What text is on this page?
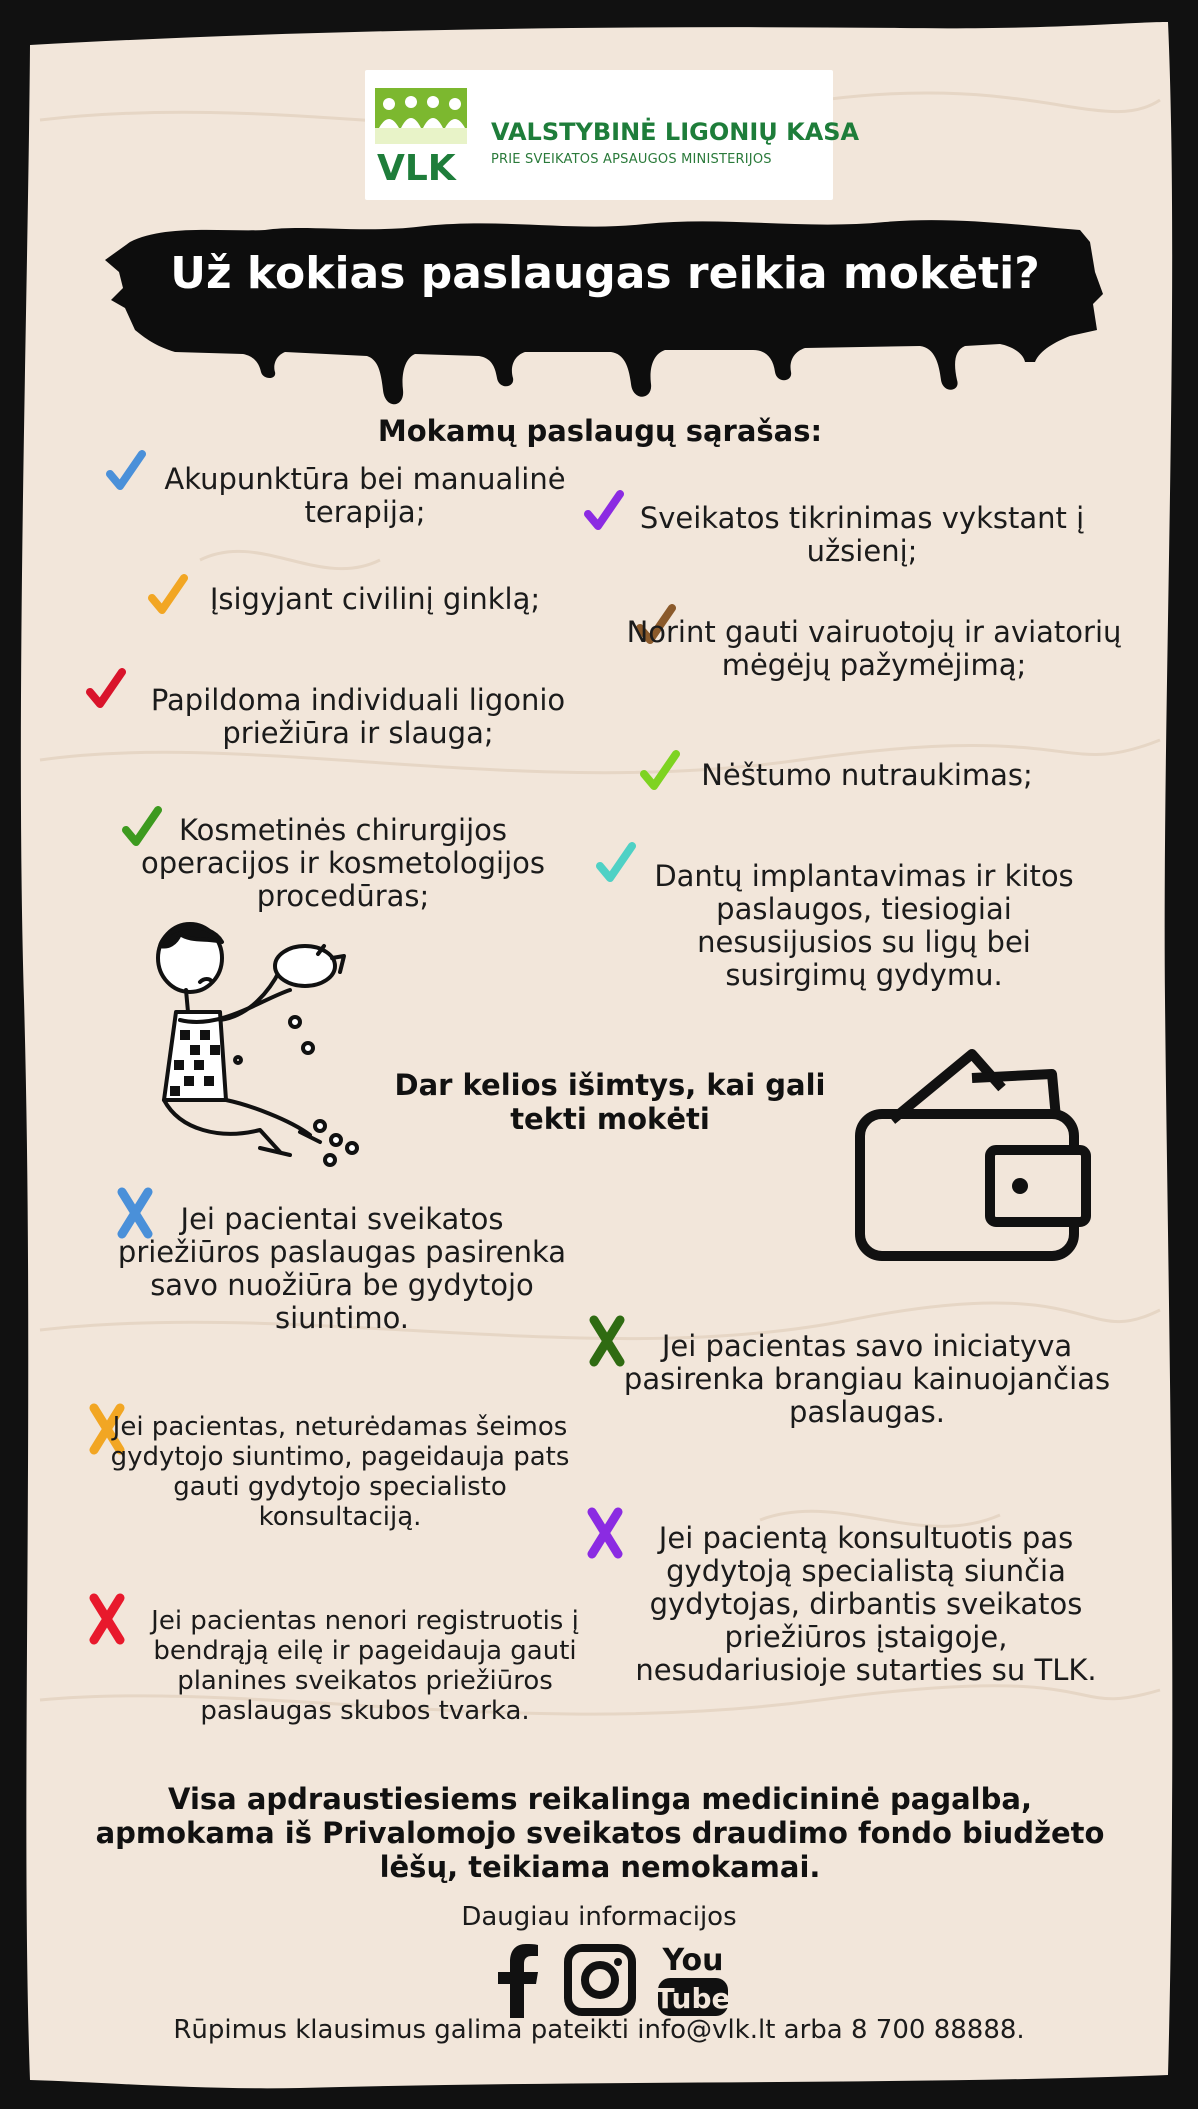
VLK
VALSTYBINĖ LIGONIŲ KASA
PRIE SVEIKATOS APSAUGOS MINISTERIJOS
Už kokias paslaugas reikia mokėti?
Mokamų paslaugų sąrašas:
Akupunktūra bei manualinė terapija;	Sveikatos tikrinimas vykstant į užsienį;
Įsigyjant civilinį ginklą;
Norint gauti vairuotojų ir aviatorių mėgėjų pažymėjimą;
Papildoma individuali ligonio priežiūra ir slauga;
Nėštumo nutraukimas;
Kosmetinės chirurgijos operacijos ir kosmetologijos procedūras;
Dantų implantavimas ir kitos paslaugos, tiesiogiai nesusijusios su ligų bei susirgimų gydymu.
Dar kelios išimtys, kai gali tekti mokėti
Jei pacientai sveikatos priežiūros paslaugas pasirenka savo nuožiūra be gydytojo siuntimo.
Jei pacientas savo iniciatyva pasirenka brangiau kainuojančias paslaugas.
Jei pacientas, neturėdamas šeimos gydytojo siuntimo, pageidauja pats gauti gydytojo specialisto konsultaciją.
Jei pacientą konsultuotis pas gydytoją specialistą siunčia gydytojas, dirbantis sveikatos priežiūros įstaigoje, nesudariusioje sutarties su TLK.
Jei pacientas nenori registruotis į bendrąją eilę ir pageidauja gauti planines sveikatos priežiūros paslaugas skubos tvarka.
Visa apdraustiesiems reikalinga medicininė pagalba,
apmokama iš Privalomojo sveikatos draudimo fondo biudžeto
lėšų, teikiama nemokamai.
Daugiau informacijos
You
Tube
Rūpimus klausimus galima pateikti info@vlk.lt arba 8 700 88888.
